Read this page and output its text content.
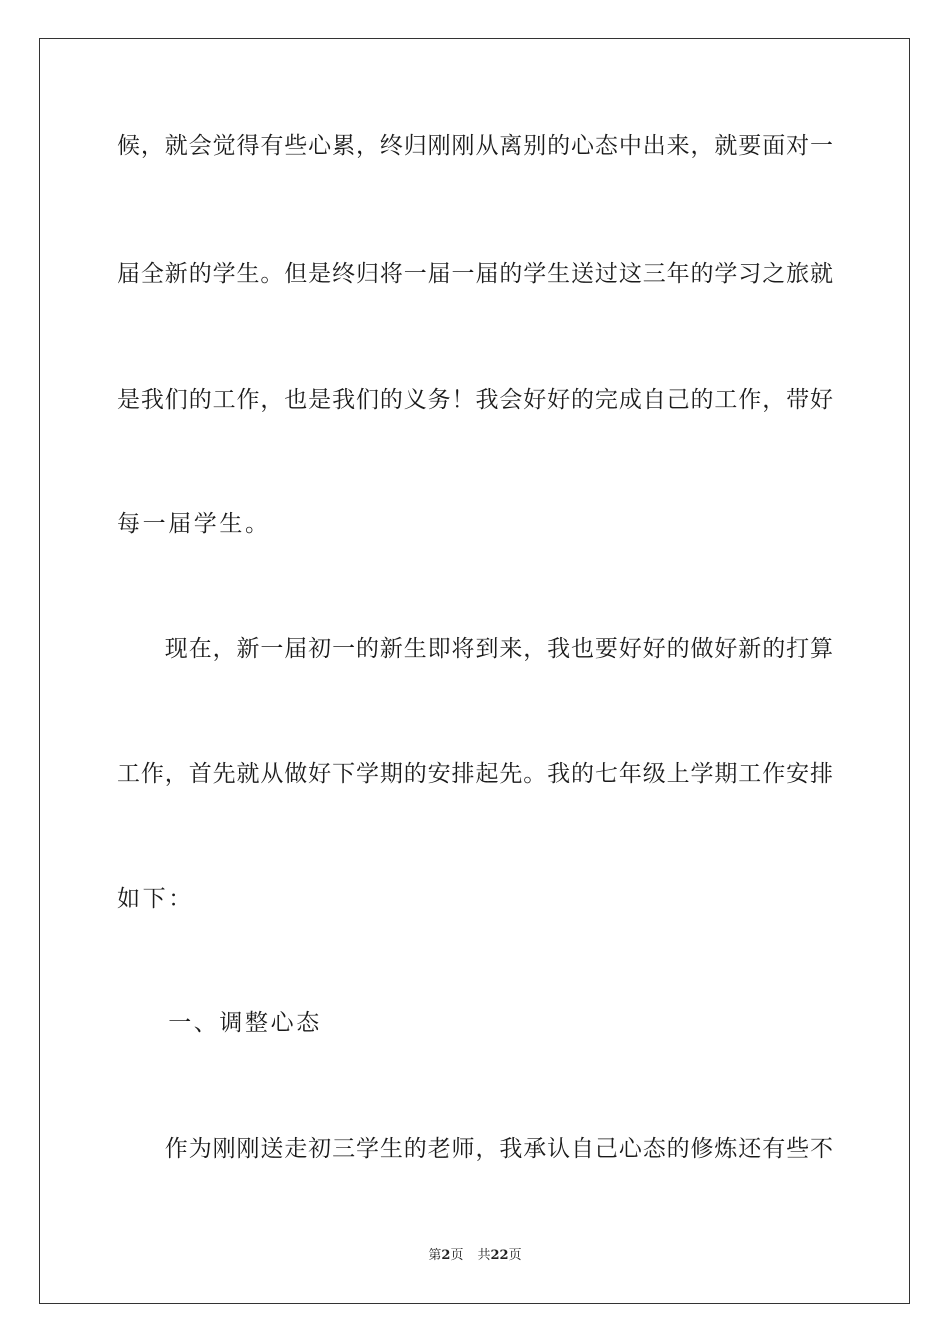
候，就会觉得有些心累，终归刚刚从离别的心态中出来，就要面对一
届全新的学生。但是终归将一届一届的学生送过这三年的学习之旅就
是我们的工作，也是我们的义务！我会好好的完成自己的工作，带好
每一届学生。
　　现在，新一届初一的新生即将到来，我也要好好的做好新的打算
工作，首先就从做好下学期的安排起先。我的七年级上学期工作安排
如下：
　　一、调整心态
　　作为刚刚送走初三学生的老师，我承认自己心态的修炼还有些不
第2页 共22页
